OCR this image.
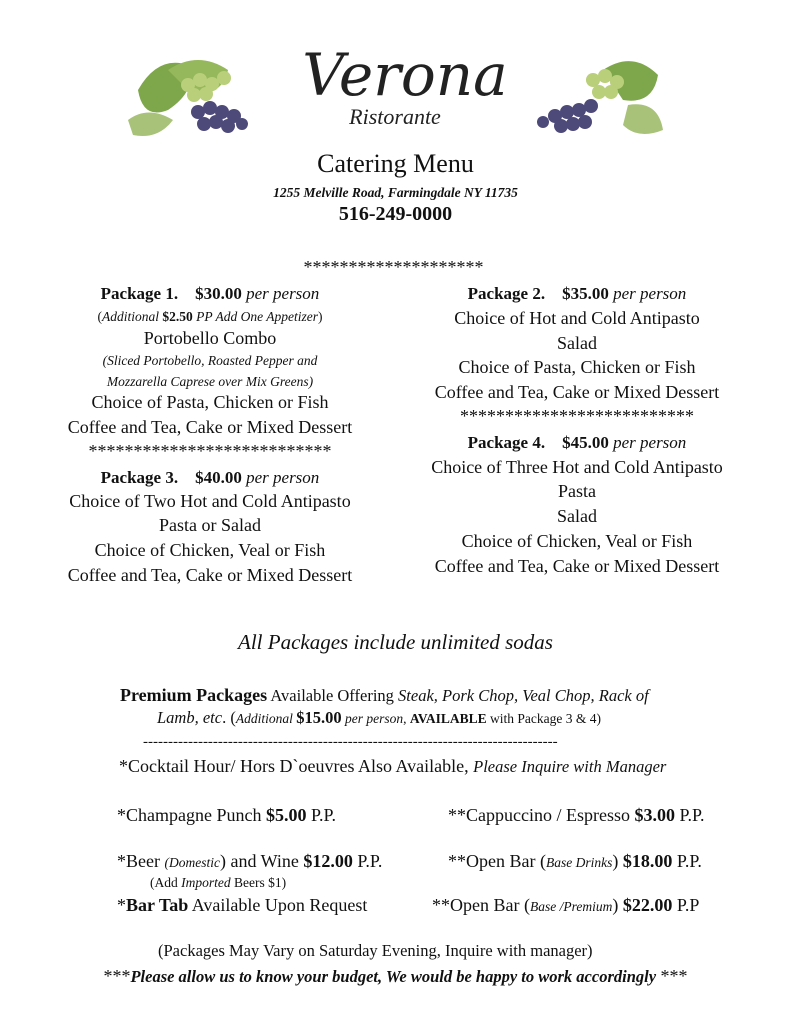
Verona
Ristorante
Catering Menu
1255 Melville Road, Farmingdale NY 11735
516-249-0000
********************
Package 1. $30.00 per person
(Additional $2.50 PP Add One Appetizer)
Portobello Combo
(Sliced Portobello, Roasted Pepper and
Mozzarella Caprese over Mix Greens)
Choice of Pasta, Chicken or Fish
Coffee and Tea, Cake or Mixed Dessert
***************************
Package 3. $40.00 per person
Choice of Two Hot and Cold Antipasto
Pasta or Salad
Choice of Chicken, Veal or Fish
Coffee and Tea, Cake or Mixed Dessert
Package 2. $35.00 per person
Choice of Hot and Cold Antipasto
Salad
Choice of Pasta, Chicken or Fish
Coffee and Tea, Cake or Mixed Dessert
**************************
Package 4. $45.00 per person
Choice of Three Hot and Cold Antipasto
Pasta
Salad
Choice of Chicken, Veal or Fish
Coffee and Tea, Cake or Mixed Dessert
All Packages include unlimited sodas
Premium Packages Available Offering Steak, Pork Chop, Veal Chop, Rack of
Lamb, etc. (Additional $15.00 per person, AVAILABLE with Package 3 & 4)
-----------------------------------------------------------------------------------
*Cocktail Hour/ Hors D`oeuvres Also Available, Please Inquire with Manager
*Champagne Punch $5.00 P.P.	**Cappuccino / Espresso $3.00 P.P.
*Beer (Domestic) and Wine $12.00 P.P.	**Open Bar (Base Drinks) $18.00 P.P.
(Add Imported Beers $1)
*Bar Tab Available Upon Request	**Open Bar (Base /Premium) $22.00 P.P
(Packages May Vary on Saturday Evening, Inquire with manager)
***Please allow us to know your budget, We would be happy to work accordingly ***
